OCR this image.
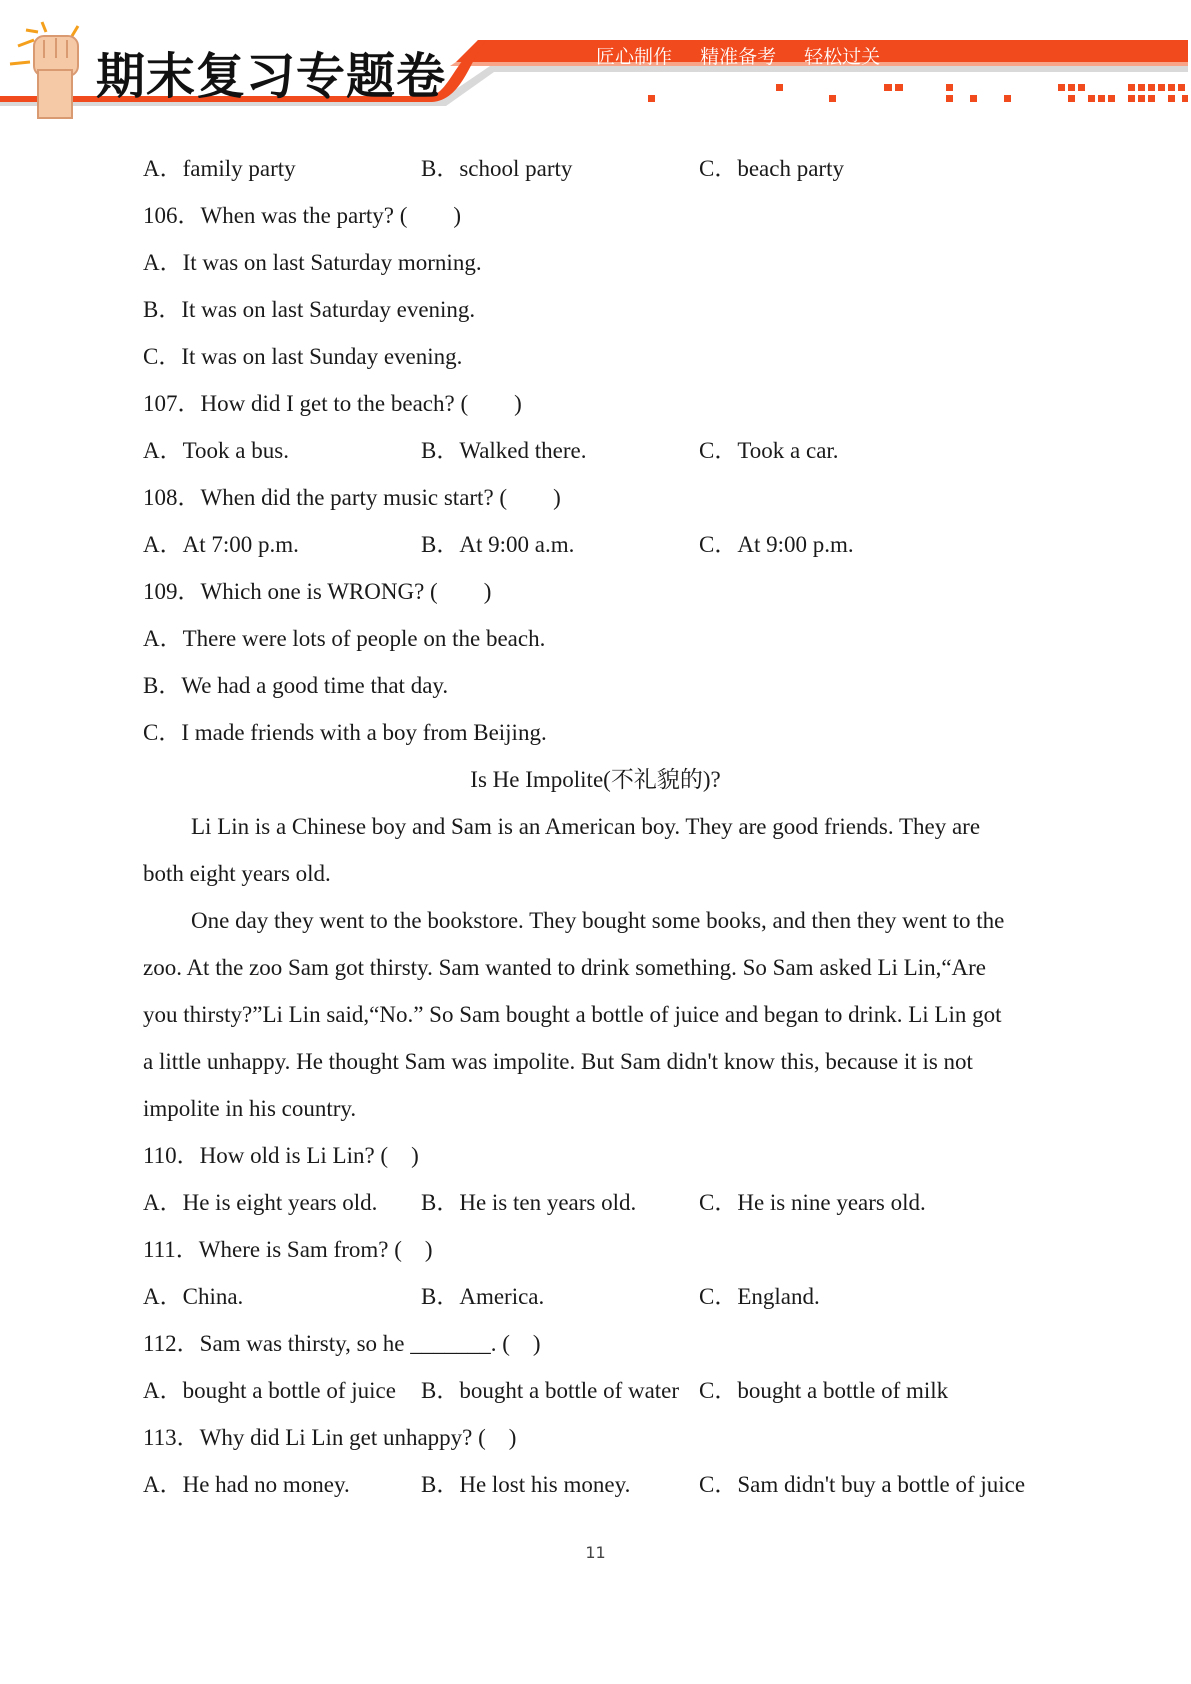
期末复习专题卷	匠心制作 精准备考 轻松过关
A．family party	B．school party	C．beach party
106．When was the party? (　　)
A．It was on last Saturday morning.
B．It was on last Saturday evening.
C．It was on last Sunday evening.
107．How did I get to the beach? (　　)
A．Took a bus.	B．Walked there.	C．Took a car.
108．When did the party music start? (　　)
A．At 7:00 p.m.	B．At 9:00 a.m.	C．At 9:00 p.m.
109．Which one is WRONG? (　　)
A．There were lots of people on the beach.
B．We had a good time that day.
C．I made friends with a boy from Beijing.
Is He Impolite(不礼貌的)?
Li Lin is a Chinese boy and Sam is an American boy. They are good friends. They are
both eight years old.
One day they went to the bookstore. They bought some books, and then they went to the
zoo. At the zoo Sam got thirsty. Sam wanted to drink something. So Sam asked Li Lin,“Are
you thirsty?”Li Lin said,“No.” So Sam bought a bottle of juice and began to drink. Li Lin got
a little unhappy. He thought Sam was impolite. But Sam didn't know this, because it is not
impolite in his country.
110．How old is Li Lin? (　)
A．He is eight years old. B．He is ten years old.	C．He is nine years old.
111．Where is Sam from? (　)
A．China.	B．America.	C．England.
112．Sam was thirsty, so he _______. (　)
A．bought a bottle of juice B．bought a bottle of water C．bought a bottle of milk
113．Why did Li Lin get unhappy? (　)
A．He had no money.	B．He lost his money.	C．Sam didn't buy a bottle of juice
11
